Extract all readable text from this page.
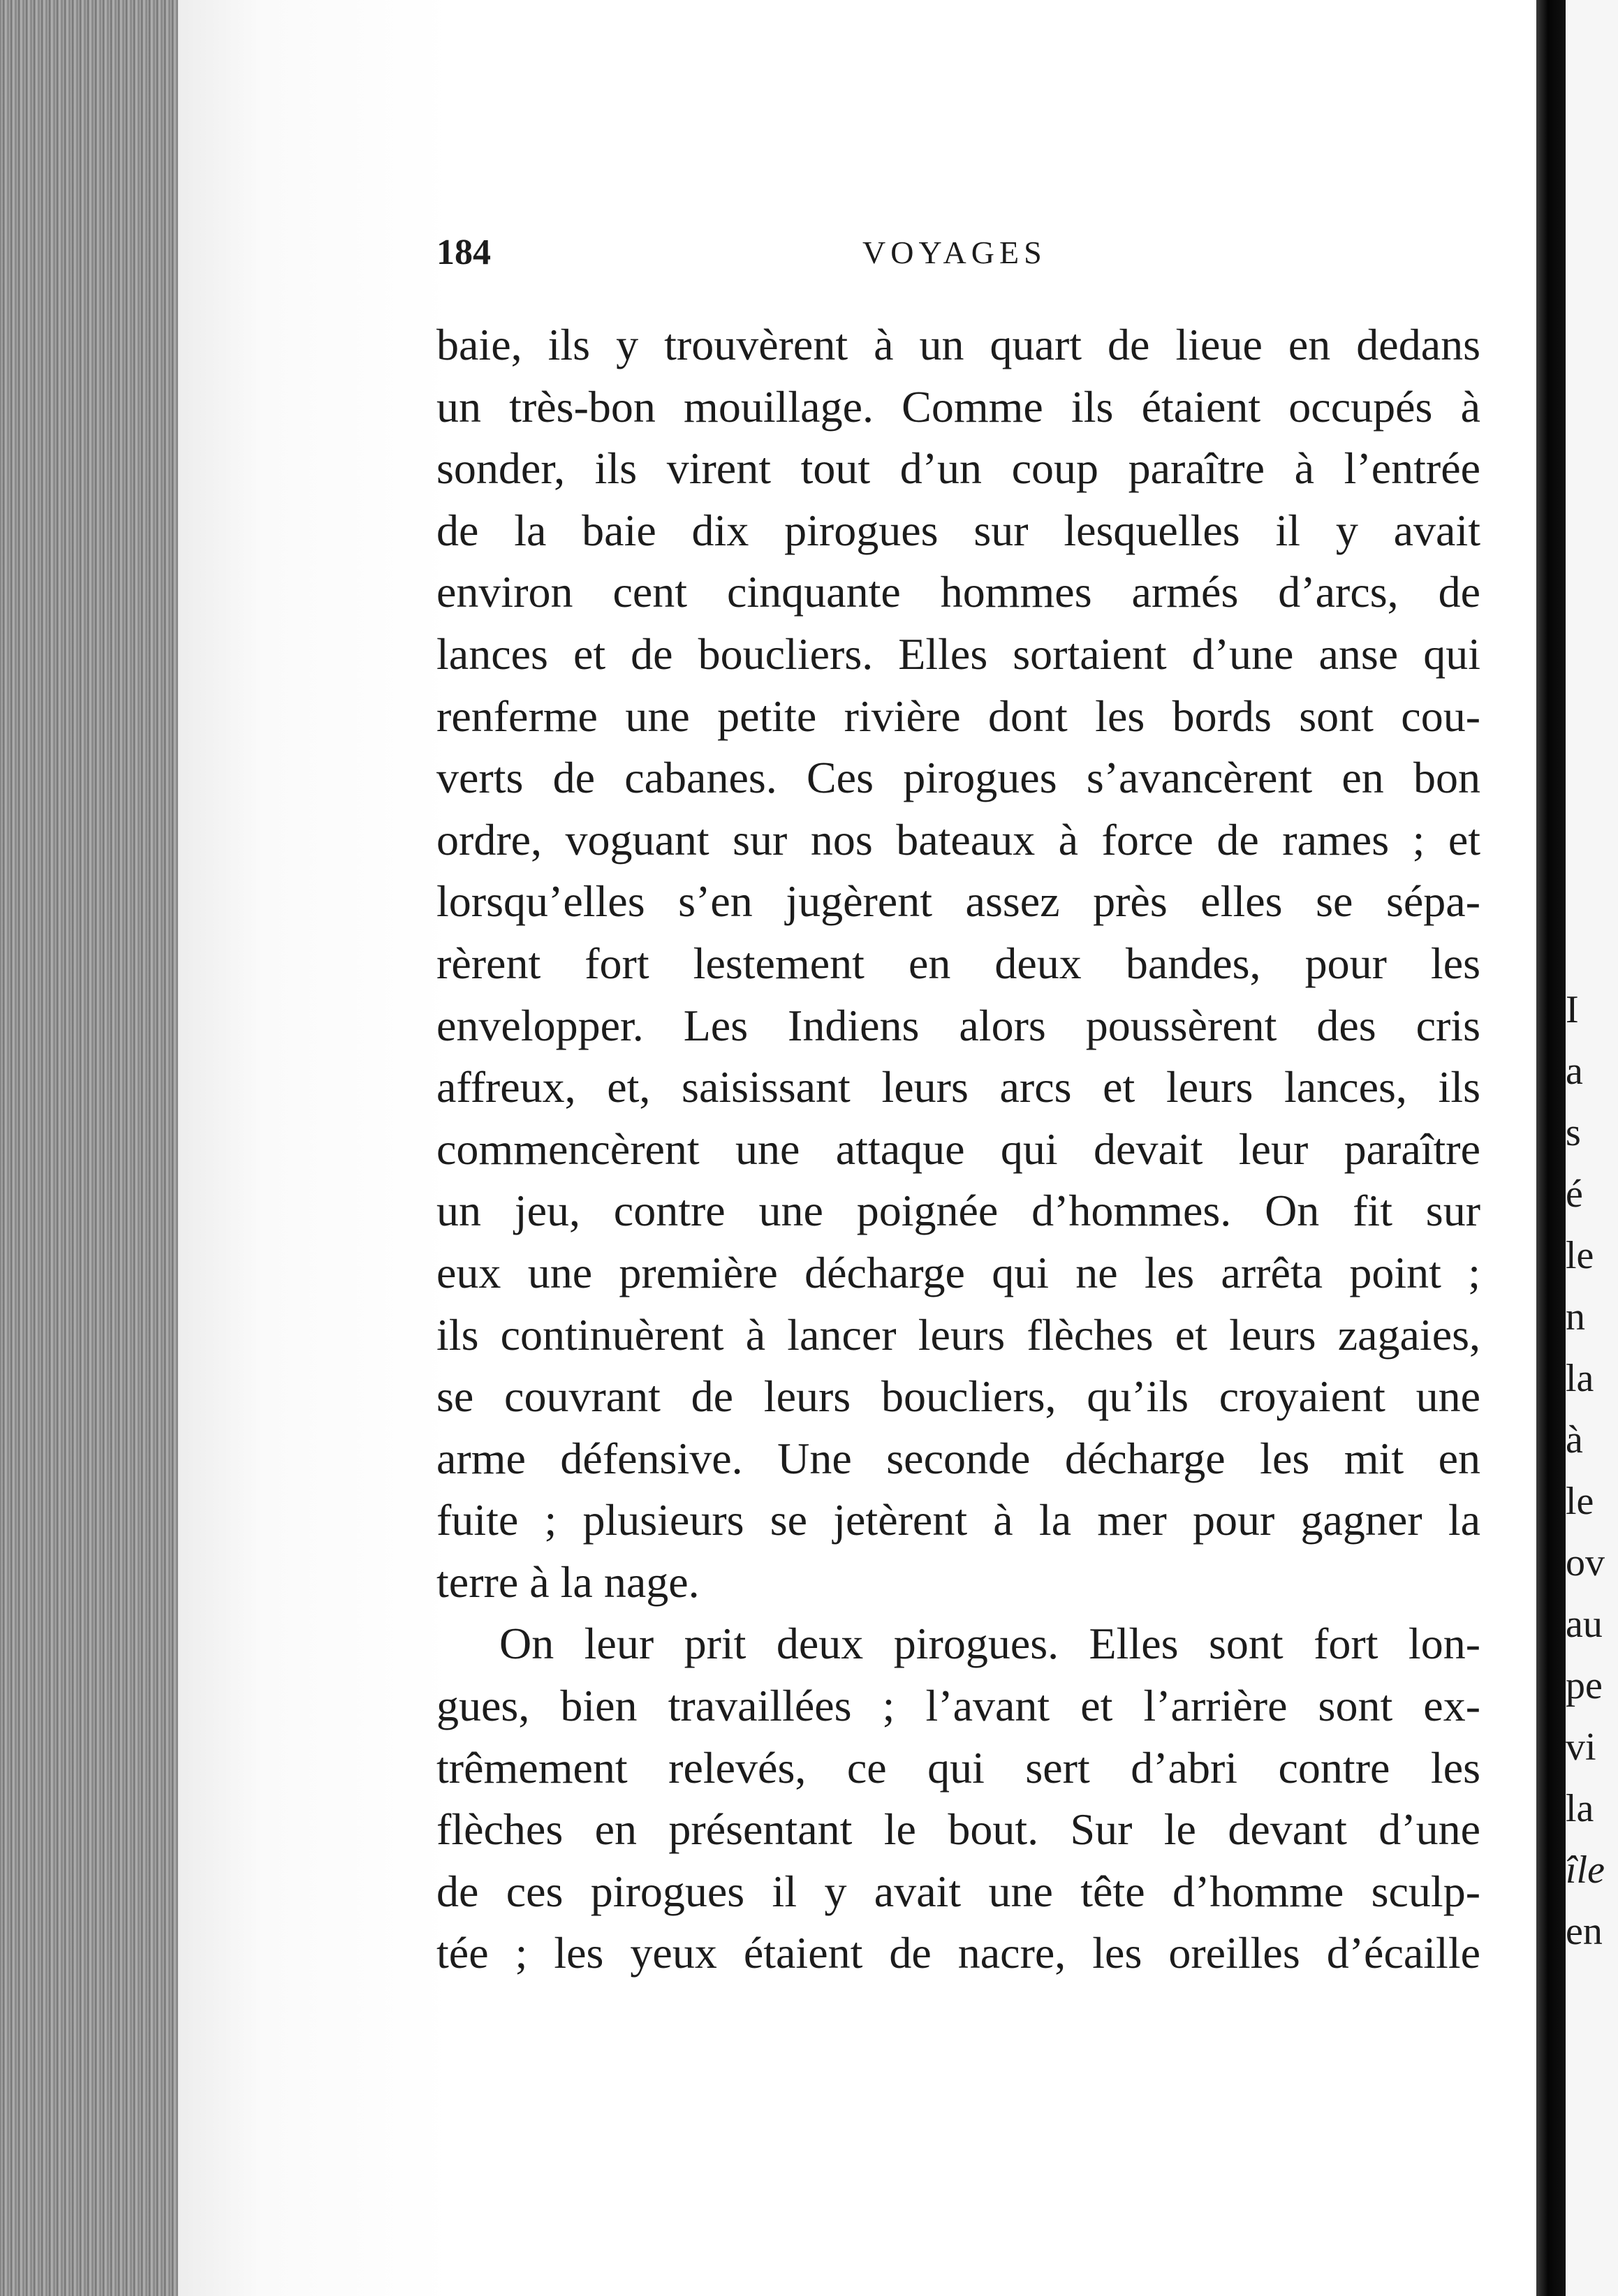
I
a
s
é
le
n
la
à
le
ov
au
pe
vi
la
île
en
184	VOYAGES
baie, ils y trouvèrent à un quart de lieue en dedans
un très-bon mouillage. Comme ils étaient occupés à
sonder, ils virent tout d’un coup paraître à l’entrée
de la baie dix pirogues sur lesquelles il y avait
environ cent cinquante hommes armés d’arcs, de
lances et de boucliers. Elles sortaient d’une anse qui
renferme une petite rivière dont les bords sont cou-
verts de cabanes. Ces pirogues s’avancèrent en bon
ordre, voguant sur nos bateaux à force de rames ; et
lorsqu’elles s’en jugèrent assez près elles se sépa-
rèrent fort lestement en deux bandes, pour les
envelopper. Les Indiens alors poussèrent des cris
affreux, et, saisissant leurs arcs et leurs lances, ils
commencèrent une attaque qui devait leur paraître
un jeu, contre une poignée d’hommes. On fit sur
eux une première décharge qui ne les arrêta point ;
ils continuèrent à lancer leurs flèches et leurs zagaies,
se couvrant de leurs boucliers, qu’ils croyaient une
arme défensive. Une seconde décharge les mit en
fuite ; plusieurs se jetèrent à la mer pour gagner la
terre à la nage.
On leur prit deux pirogues. Elles sont fort lon-
gues, bien travaillées ; l’avant et l’arrière sont ex-
trêmement relevés, ce qui sert d’abri contre les
flèches en présentant le bout. Sur le devant d’une
de ces pirogues il y avait une tête d’homme sculp-
tée ; les yeux étaient de nacre, les oreilles d’écaille
